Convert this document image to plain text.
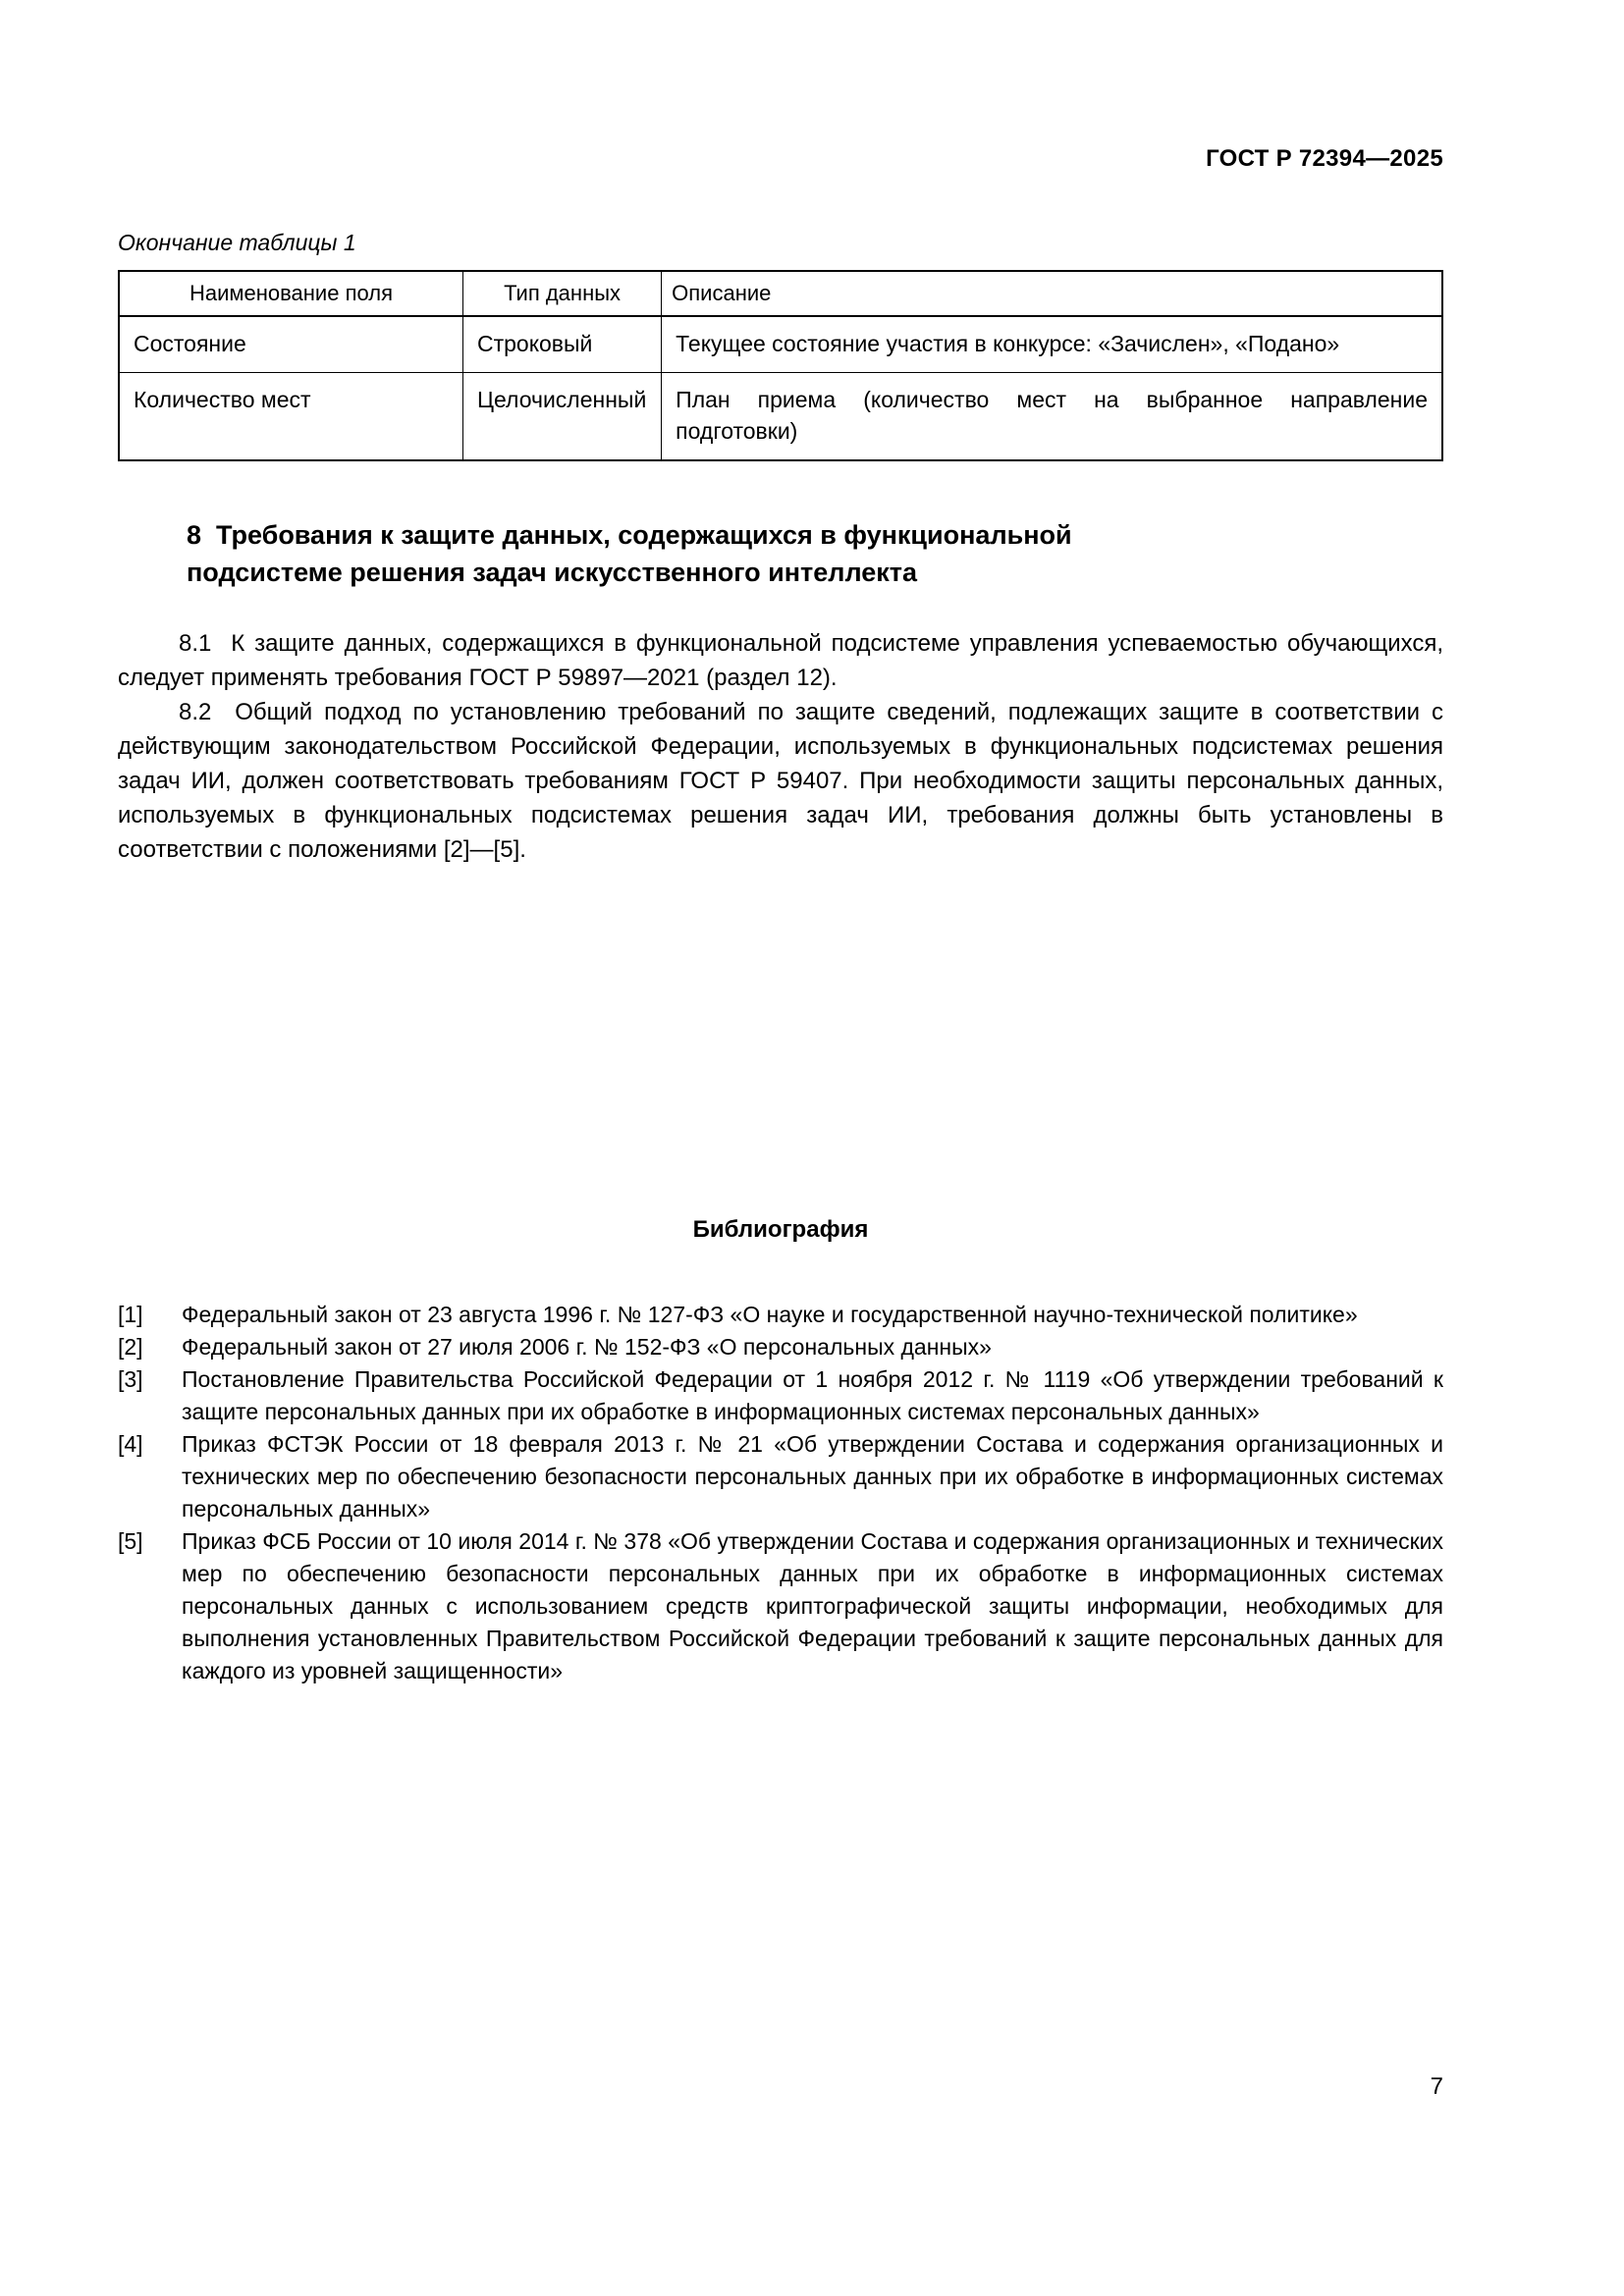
ГОСТ Р 72394—2025
Окончание таблицы 1
Наименование поля	Тип данных	Описание
Состояние	Строковый	Текущее состояние участия в конкурсе: «Зачислен», «Подано»
Количество мест	Целочисленный	План приема (количество мест на выбранное направление подготовки)
8  Требования к защите данных, содержащихся в функциональной подсистеме решения задач искусственного интеллекта

8.1  К защите данных, содержащихся в функциональной подсистеме управления успеваемостью обучающихся, следует применять требования ГОСТ Р 59897—2021 (раздел 12).

8.2  Общий подход по установлению требований по защите сведений, подлежащих защите в соответствии с действующим законодательством Российской Федерации, используемых в функциональных подсистемах решения задач ИИ, должен соответствовать требованиям ГОСТ Р 59407. При необходимости защиты персональных данных, используемых в функциональных подсистемах решения задач ИИ, требования должны быть установлены в соответствии с положениями [2]—[5].

Библиография
[1]	Федеральный закон от 23 августа 1996 г. № 127-ФЗ «О науке и государственной научно-технической политике»
[2]	Федеральный закон от 27 июля 2006 г. № 152-ФЗ «О персональных данных»
[3]	Постановление Правительства Российской Федерации от 1 ноября 2012 г. № 1119 «Об утверждении требований к защите персональных данных при их обработке в информационных системах персональных данных»
[4]	Приказ ФСТЭК России от 18 февраля 2013 г. № 21 «Об утверждении Состава и содержания организационных и технических мер по обеспечению безопасности персональных данных при их обработке в информационных системах персональных данных»
[5]	Приказ ФСБ России от 10 июля 2014 г. № 378 «Об утверждении Состава и содержания организационных и технических мер по обеспечению безопасности персональных данных при их обработке в информационных системах персональных данных с использованием средств криптографической защиты информации, необходимых для выполнения установленных Правительством Российской Федерации требований к защите персональных данных для каждого из уровней защищенности»
7
